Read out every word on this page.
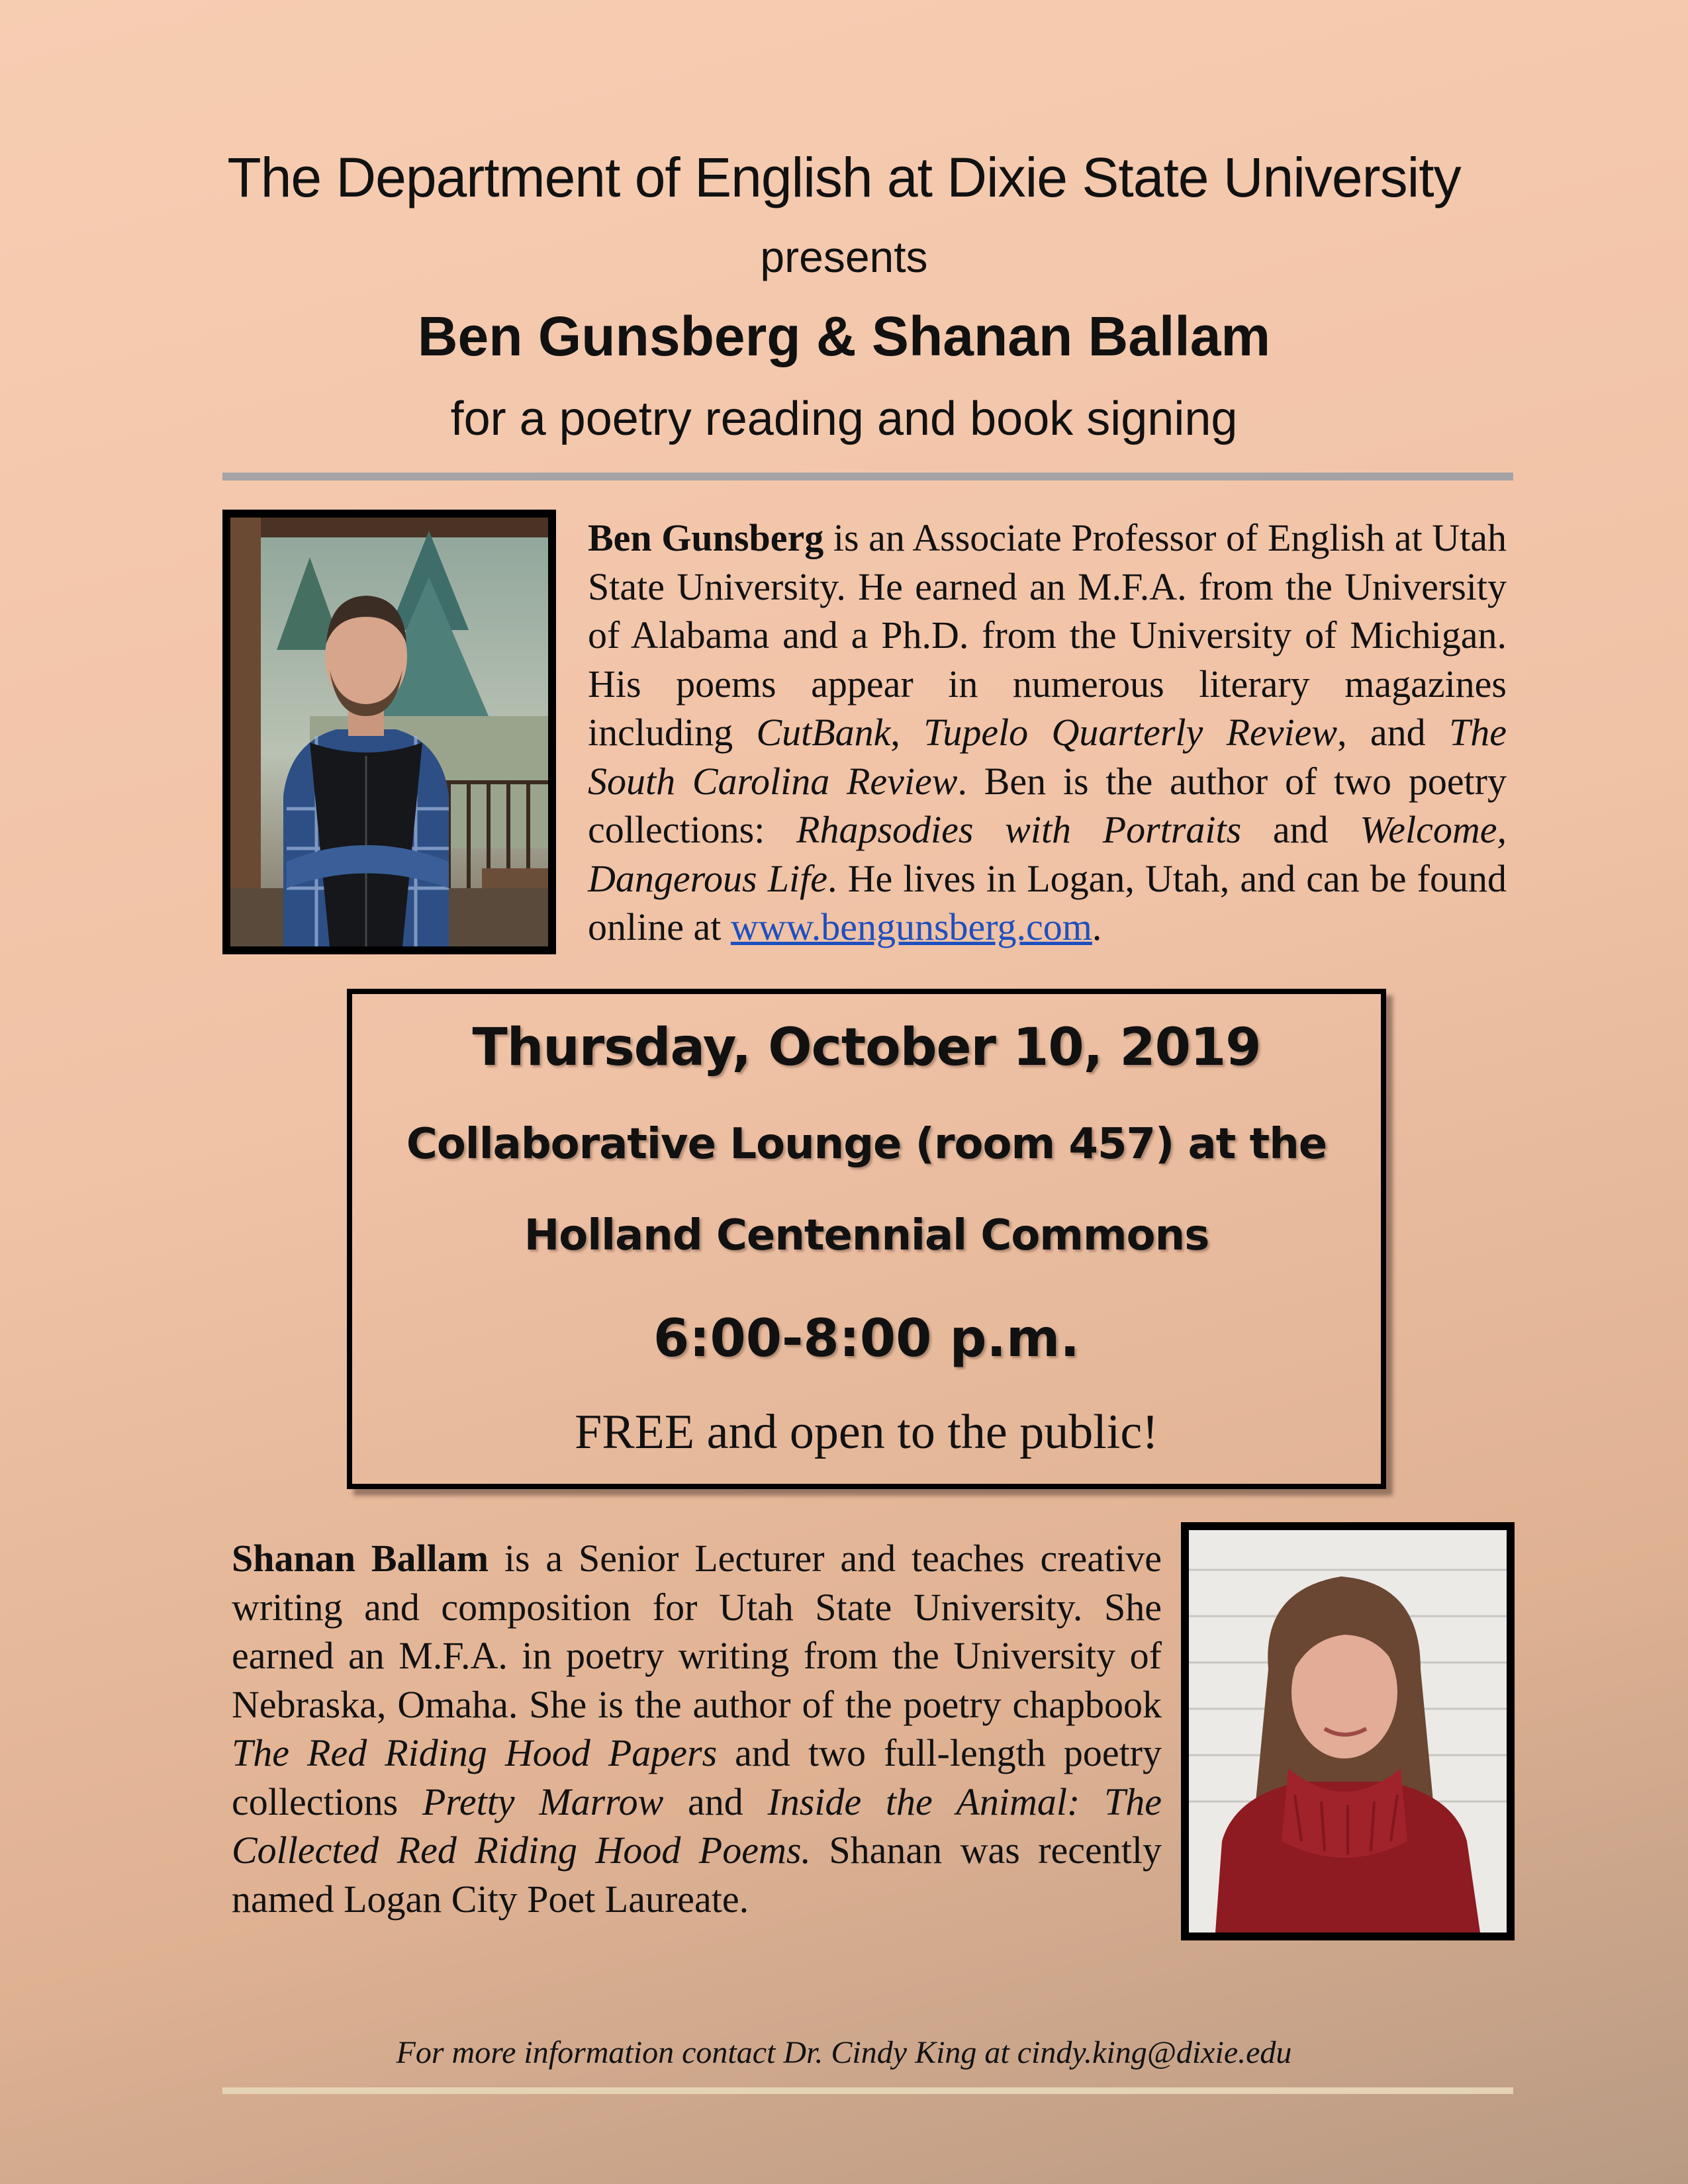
The Department of English at Dixie State University
presents
Ben Gunsberg & Shanan Ballam
for a poetry reading and book signing

Ben Gunsberg is an Associate Professor of English at Utah State University. He earned an M.F.A. from the University of Alabama and a Ph.D. from the University of Michigan. His poems appear in numerous literary magazines including CutBank, Tupelo Quarterly Review, and The South Carolina Review. Ben is the author of two poetry collections: Rhapsodies with Portraits and Welcome, Dangerous Life. He lives in Logan, Utah, and can be found online at www.bengunsberg.com.

Thursday, October 10, 2019
Collaborative Lounge (room 457) at the
Holland Centennial Commons
6:00-8:00 p.m.
FREE and open to the public!

Shanan Ballam is a Senior Lecturer and teaches creative writing and composition for Utah State University. She earned an M.F.A. in poetry writing from the University of Nebraska, Omaha. She is the author of the poetry chapbook The Red Riding Hood Papers and two full-length poetry collections Pretty Marrow and Inside the Animal: The Collected Red Riding Hood Poems. Shanan was recently named Logan City Poet Laureate.

For more information contact Dr. Cindy King at cindy.king@dixie.edu
